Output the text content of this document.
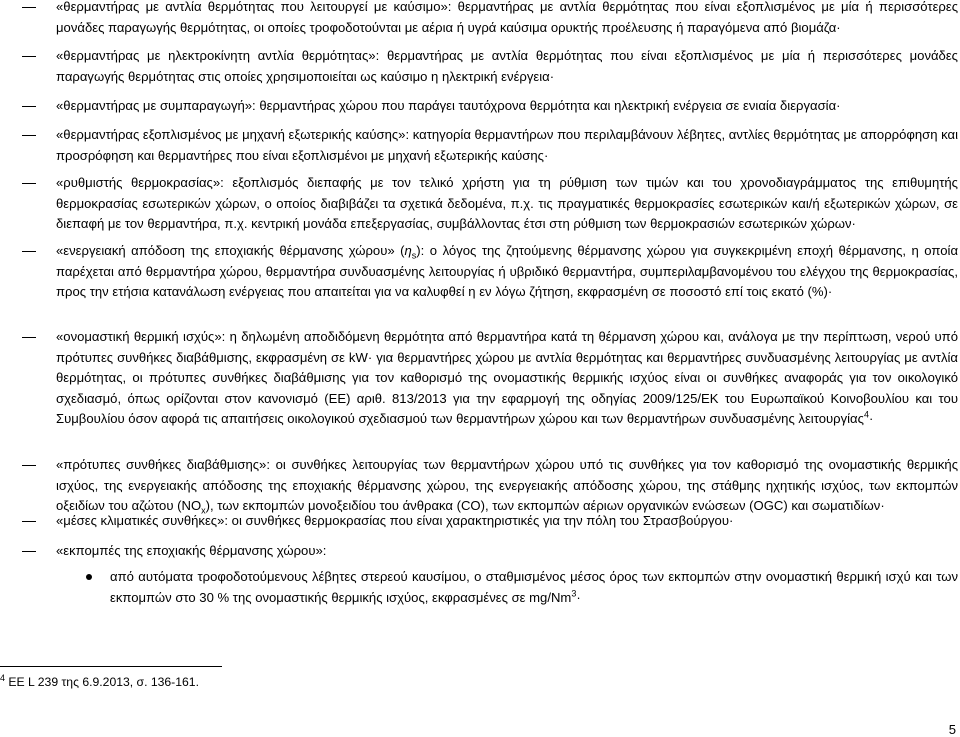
«θερμαντήρας με αντλία θερμότητας που λειτουργεί με καύσιμο»: θερμαντήρας με αντλία θερμότητας που είναι εξοπλισμένος με μία ή περισσότερες μονάδες παραγωγής θερμότητας, οι οποίες τροφοδοτούνται με αέρια ή υγρά καύσιμα ορυκτής προέλευσης ή παραγόμενα από βιομάζα·

«θερμαντήρας με ηλεκτροκίνητη αντλία θερμότητας»: θερμαντήρας με αντλία θερμότητας που είναι εξοπλισμένος με μία ή περισσότερες μονάδες παραγωγής θερμότητας στις οποίες χρησιμοποιείται ως καύσιμο η ηλεκτρική ενέργεια·

«θερμαντήρας με συμπαραγωγή»: θερμαντήρας χώρου που παράγει ταυτόχρονα θερμότητα και ηλεκτρική ενέργεια σε ενιαία διεργασία·

«θερμαντήρας εξοπλισμένος με μηχανή εξωτερικής καύσης»: κατηγορία θερμαντήρων που περιλαμβάνουν λέβητες, αντλίες θερμότητας με απορρόφηση και προσρόφηση και θερμαντήρες που είναι εξοπλισμένοι με μηχανή εξωτερικής καύσης·

«ρυθμιστής θερμοκρασίας»: εξοπλισμός διεπαφής με τον τελικό χρήστη για τη ρύθμιση των τιμών και του χρονοδιαγράμματος της επιθυμητής θερμοκρασίας εσωτερικών χώρων, ο οποίος διαβιβάζει τα σχετικά δεδομένα, π.χ. τις πραγματικές θερμοκρασίες εσωτερικών και/ή εξωτερικών χώρων, σε διεπαφή με τον θερμαντήρα, π.χ. κεντρική μονάδα επεξεργασίας, συμβάλλοντας έτσι στη ρύθμιση των θερμοκρασιών εσωτερικών χώρων·

«ενεργειακή απόδοση της εποχιακής θέρμανσης χώρου» $(\eta_s)$: ο λόγος της ζητούμενης θέρμανσης χώρου για συγκεκριμένη εποχή θέρμανσης, η οποία παρέχεται από θερμαντήρα χώρου, θερμαντήρα συνδυασμένης λειτουργίας ή υβριδικό θερμαντήρα, συμπεριλαμβανομένου του ελέγχου της θερμοκρασίας, προς την ετήσια κατανάλωση ενέργειας που απαιτείται για να καλυφθεί η εν λόγω ζήτηση, εκφρασμένη σε ποσοστό επί τοις εκατό (%)·

«ονομαστική θερμική ισχύς»: η δηλωμένη αποδιδόμενη θερμότητα από θερμαντήρα κατά τη θέρμανση χώρου και, ανάλογα με την περίπτωση, νερού υπό πρότυπες συνθήκες διαβάθμισης, εκφρασμένη σε kW· για θερμαντήρες χώρου με αντλία θερμότητας και θερμαντήρες συνδυασμένης λειτουργίας με αντλία θερμότητας, οι πρότυπες συνθήκες διαβάθμισης για τον καθορισμό της ονομαστικής θερμικής ισχύος είναι οι συνθήκες αναφοράς για τον οικολογικό σχεδιασμό, όπως ορίζονται στον κανονισμό (ΕΕ) αριθ. 813/2013 για την εφαρμογή της οδηγίας 2009/125/ΕΚ του Ευρωπαϊκού Κοινοβουλίου και του Συμβουλίου όσον αφορά τις απαιτήσεις οικολογικού σχεδιασμού των θερμαντήρων χώρου και των θερμαντήρων συνδυασμένης λειτουργίας$^4$·

«πρότυπες συνθήκες διαβάθμισης»: οι συνθήκες λειτουργίας των θερμαντήρων χώρου υπό τις συνθήκες για τον καθορισμό της ονομαστικής θερμικής ισχύος, της ενεργειακής απόδοσης της εποχιακής θέρμανσης χώρου, της ενεργειακής απόδοσης χώρου, της στάθμης ηχητικής ισχύος, των εκπομπών οξειδίων του αζώτου $(NO_x)$, των εκπομπών μονοξειδίου του άνθρακα (CO), των εκπομπών αέριων οργανικών ενώσεων (OGC) και σωματιδίων·

«μέσες κλιματικές συνθήκες»: οι συνθήκες θερμοκρασίας που είναι χαρακτηριστικές για την πόλη του Στρασβούργου·

«εκπομπές της εποχιακής θέρμανσης χώρου»:

από αυτόματα τροφοδοτούμενους λέβητες στερεού καυσίμου, ο σταθμισμένος μέσος όρος των εκπομπών στην ονομαστική θερμική ισχύ και των εκπομπών στο 30 % της ονομαστικής θερμικής ισχύος, εκφρασμένες σε $mg/Nm^3\cdot$

$^4$ EE L 239 της 6.9.2013, σ. 136-161.
5
